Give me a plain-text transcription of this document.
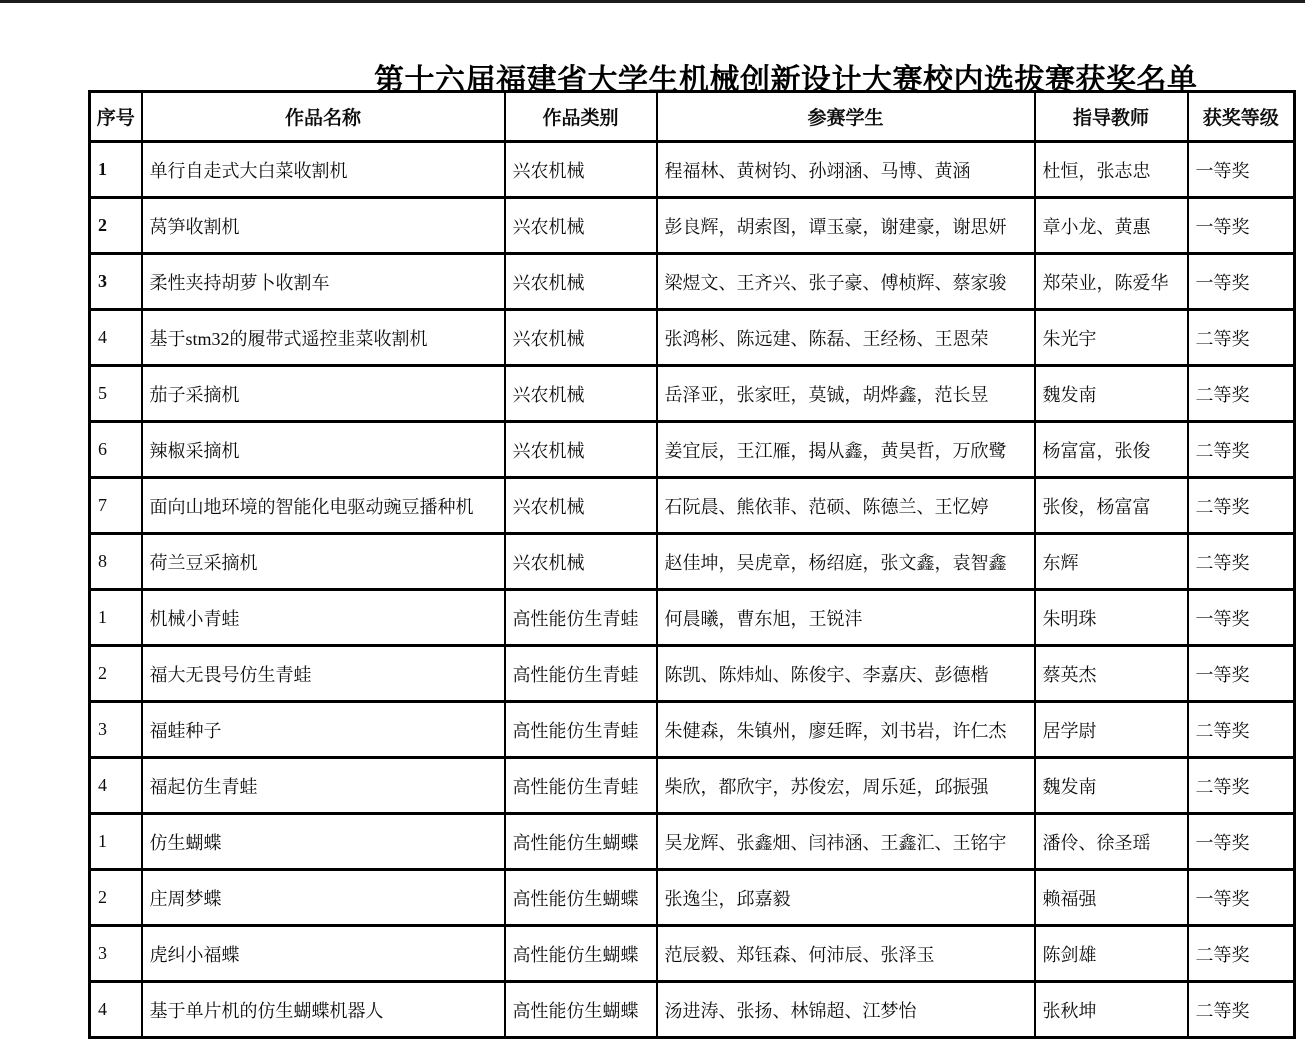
第十六届福建省大学生机械创新设计大赛校内选拔赛获奖名单
序号	作品名称	作品类别	参赛学生	指导教师	获奖等级
1	单行自走式大白菜收割机	兴农机械	程福林、黄树钧、孙翊涵、马博、黄涵	杜恒，张志忠	一等奖
2	莴笋收割机	兴农机械	彭良辉，胡索图，谭玉豪，谢建豪，谢思妍	章小龙、黄惠	一等奖
3	柔性夹持胡萝卜收割车	兴农机械	梁煜文、王齐兴、张子豪、傅桢辉、蔡家骏	郑荣业，陈爱华	一等奖
4	基于stm32的履带式遥控韭菜收割机	兴农机械	张鸿彬、陈远建、陈磊、王经杨、王恩荣	朱光宇	二等奖
5	茄子采摘机	兴农机械	岳泽亚，张家旺，莫铖，胡烨鑫，范长昱	魏发南	二等奖
6	辣椒采摘机	兴农机械	姜宜辰，王江雁，揭从鑫，黄昊哲，万欣鹭	杨富富，张俊	二等奖
7	面向山地环境的智能化电驱动豌豆播种机	兴农机械	石阮晨、熊依菲、范硕、陈德兰、王忆婷	张俊，杨富富	二等奖
8	荷兰豆采摘机	兴农机械	赵佳坤，吴虎章，杨绍庭，张文鑫，袁智鑫	东辉	二等奖
1	机械小青蛙	高性能仿生青蛙	何晨曦，曹东旭，王锐沣	朱明珠	一等奖
2	福大无畏号仿生青蛙	高性能仿生青蛙	陈凯、陈炜灿、陈俊宇、李嘉庆、彭德楷	蔡英杰	一等奖
3	福蛙种子	高性能仿生青蛙	朱健森，朱镇州，廖廷晖，刘书岩，许仁杰	居学尉	二等奖
4	福起仿生青蛙	高性能仿生青蛙	柴欣，都欣宇，苏俊宏，周乐延，邱振强	魏发南	二等奖
1	仿生蝴蝶	高性能仿生蝴蝶	吴龙辉、张鑫畑、闫祎涵、王鑫汇、王铭宇	潘伶、徐圣瑶	一等奖
2	庄周梦蝶	高性能仿生蝴蝶	张逸尘，邱嘉毅	赖福强	一等奖
3	虎纠小福蝶	高性能仿生蝴蝶	范辰毅、郑钰森、何沛辰、张泽玉	陈剑雄	二等奖
4	基于单片机的仿生蝴蝶机器人	高性能仿生蝴蝶	汤进涛、张扬、林锦超、江梦怡	张秋坤	二等奖
